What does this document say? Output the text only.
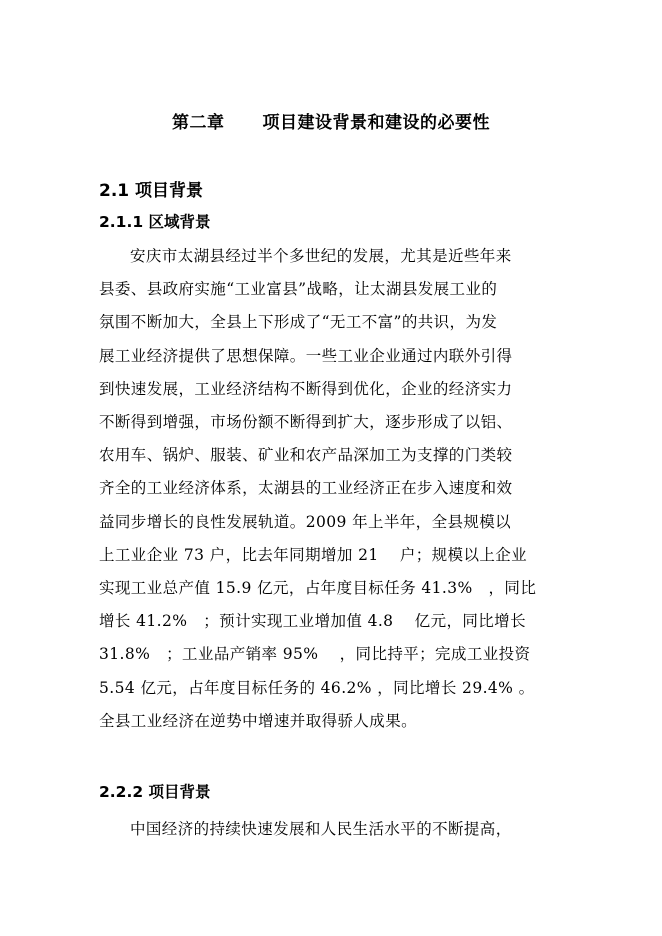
第二章 项目建设背景和建设的必要性
2.1 项目背景
2.1.1 区域背景
安庆市太湖县经过半个多世纪的发展，尤其是近些年来
县委、县政府实施“工业富县”战略，让太湖县发展工业的
氛围不断加大，全县上下形成了“无工不富”的共识，为发
展工业经济提供了思想保障。一些工业企业通过内联外引得
到快速发展，工业经济结构不断得到优化，企业的经济实力
不断得到增强，市场份额不断得到扩大，逐步形成了以铝、
农用车、锅炉、服装、矿业和农产品深加工为支撑的门类较
齐全的工业经济体系，太湖县的工业经济正在步入速度和效
益同步增长的良性发展轨道。2009 年上半年，全县规模以
上工业企业 73 户，比去年同期增加 21　 户；规模以上企业
实现工业总产值 15.9 亿元，占年度目标任务 41.3%　，同比
增长 41.2%　；预计实现工业增加值 4.8　 亿元，同比增长
31.8%　；工业品产销率 95%　 ，同比持平；完成工业投资
5.54 亿元，占年度目标任务的 46.2% ，同比增长 29.4% 。
全县工业经济在逆势中增速并取得骄人成果。
2.2.2 项目背景
中国经济的持续快速发展和人民生活水平的不断提高，
